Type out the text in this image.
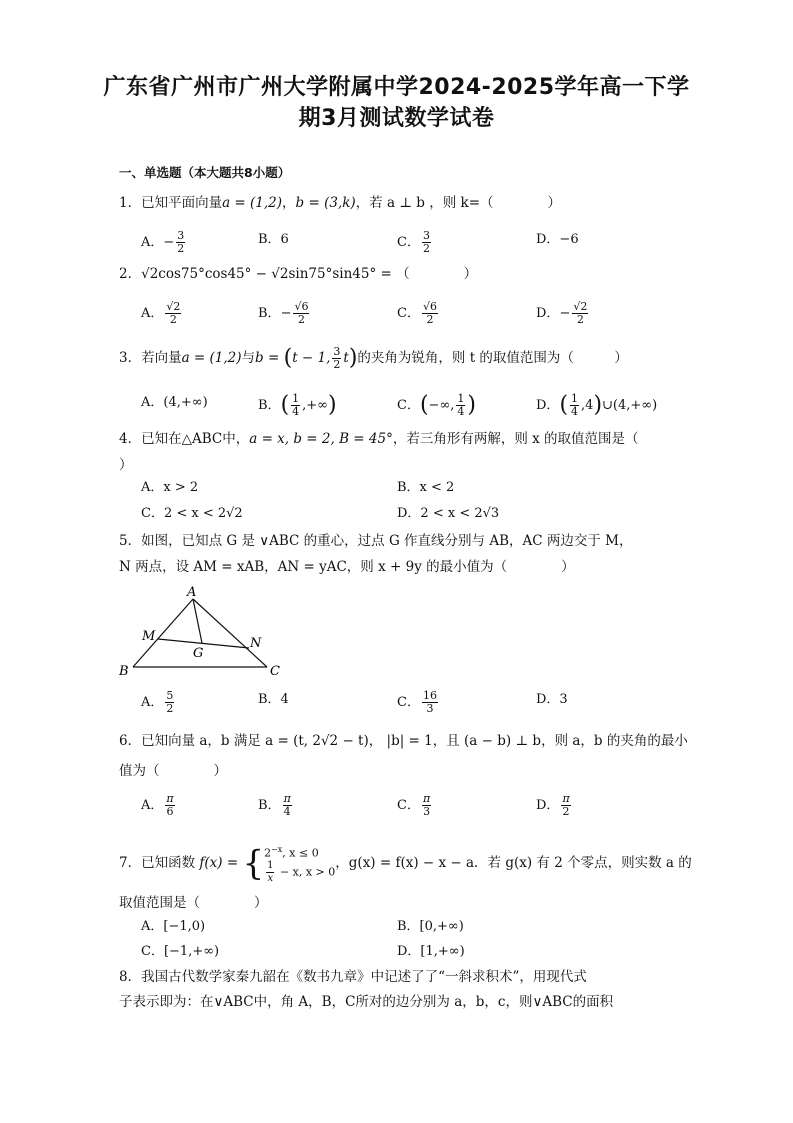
广东省广州市广州大学附属中学2024-2025学年高一下学
期3月测试数学试卷
一、单选题（本大题共8小题）
1．已知平面向量a = (1,2)，b = (3,k)，若 a ⊥ b ，则 k=（　　　　）
A．− $\frac{3}{2}$	B．6	C． $\frac{3}{2}$	D．−6
2．√2cos75°cos45° − √2sin75°sin45° = （　　　　）
A． $\frac{√2}{2}$	B．− $\frac{√6}{2}$	C． $\frac{√6}{2}$	D．− $\frac{√2}{2}$
3．若向量a = (1,2)与b = (t − 1, $\frac{3}{2} t$)的夹角为锐角，则 t 的取值范围为（　　　）
A．(4,+∞)	B．( $\frac{1}{4}$ ,+∞)	C．(−∞, $\frac{1}{4}$ )	D．( $\frac{1}{4}$ ,4)∪(4,+∞)
4．已知在△ABC中，a = x, b = 2, B = 45°，若三角形有两解，则 x 的取值范围是（
）
A．x > 2	B．x < 2
C．2 < x < 2√2	D．2 < x < 2√3
5．如图，已知点 G 是 ∨ABC 的重心，过点 G 作直线分别与 AB，AC 两边交于 M，
N 两点，设 AM = xAB，AN = yAC，则 x + 9y 的最小值为（　　　　）
A
M	N
G
B	C
A． $\frac{5}{2}$	B．4	C． $\frac{16}{3}$	D．3
6．已知向量 a，b 满足 a = (t, 2√2 − t)， |b| = 1，且 (a − b) ⊥ b，则 a，b 的夹角的最小
值为（　　　　）
A． $\frac{\pi}{6}$	B． $\frac{\pi}{4}$	C． $\frac{\pi}{3}$	D． $\frac{\pi}{2}$
7．已知函数 f(x) = { $2^{-x}$, x ≤ 0
$\frac{1}{x} - x$, x > 0
，g(x) = f(x) − x − a．若 g(x) 有 2 个零点，则实数 a 的
取值范围是（　　　　）
A．[−1,0)	B．[0,+∞)
C．[−1,+∞)	D．[1,+∞)
8．我国古代数学家秦九韶在《数书九章》中记述了了“一斜求积术”，用现代式
子表示即为：在∨ABC中，角 A，B，C所对的边分别为 a，b，c，则∨ABC的面积
